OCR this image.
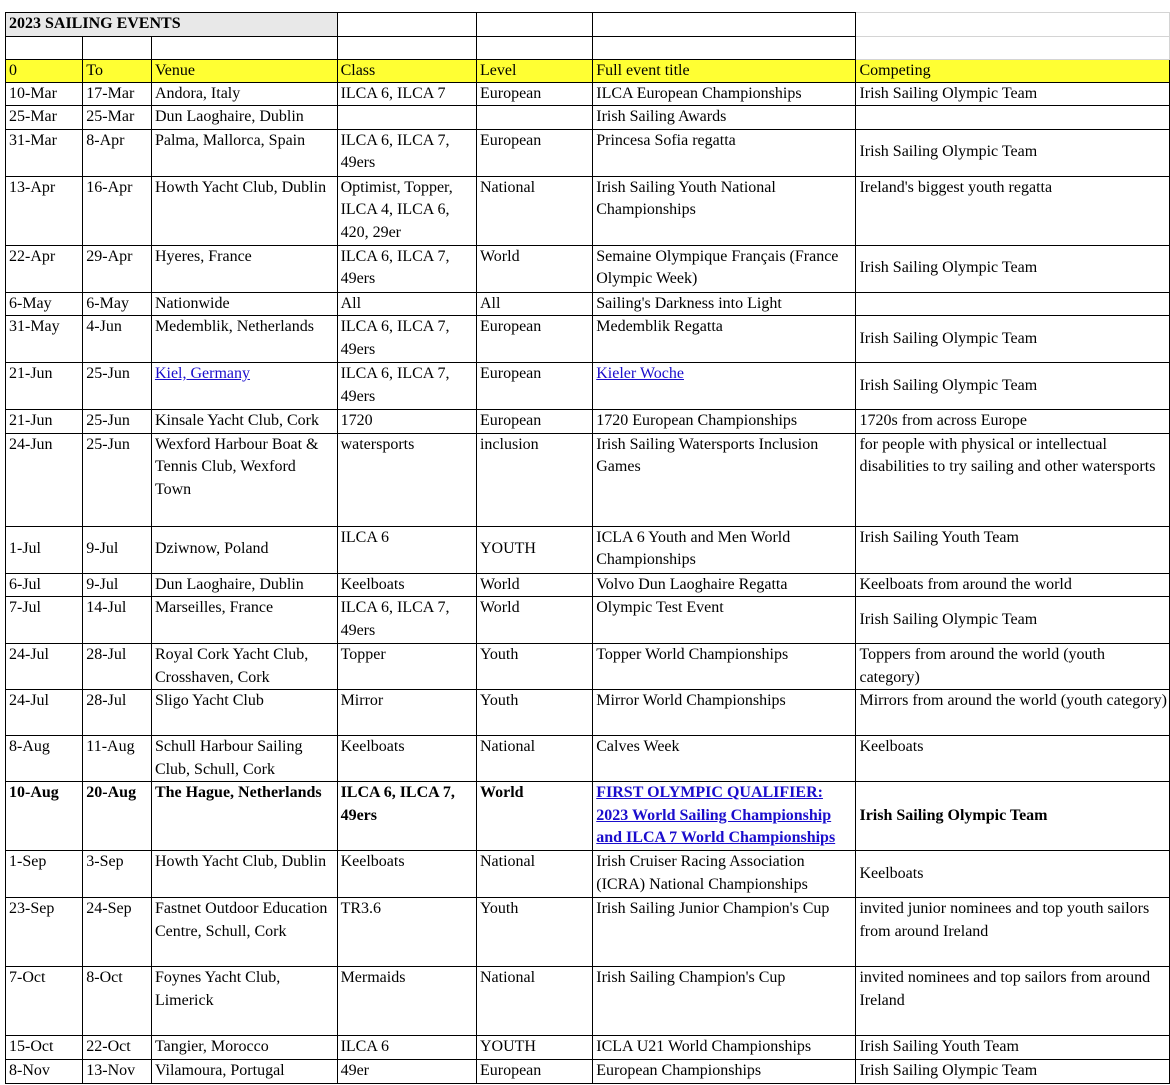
2023 SAILING EVENTS						

0	To	Venue	Class	Level	Full event title	Competing
10-Mar	17-Mar	Andora, Italy	ILCA 6, ILCA 7	European	ILCA European Championships	Irish Sailing Olympic Team
25-Mar	25-Mar	Dun Laoghaire, Dublin			Irish Sailing Awards	
31-Mar	8-Apr	Palma, Mallorca, Spain	ILCA 6, ILCA 7, 49ers	European	Princesa Sofia regatta	Irish Sailing Olympic Team
13-Apr	16-Apr	Howth Yacht Club, Dublin	Optimist, Topper, ILCA 4, ILCA 6, 420, 29er	National	Irish Sailing Youth National Championships	Ireland's biggest youth regatta
22-Apr	29-Apr	Hyeres, France	ILCA 6, ILCA 7, 49ers	World	Semaine Olympique Français (France Olympic Week)	Irish Sailing Olympic Team
6-May	6-May	Nationwide	All	All	Sailing's Darkness into Light	
31-May	4-Jun	Medemblik, Netherlands	ILCA 6, ILCA 7, 49ers	European	Medemblik Regatta	Irish Sailing Olympic Team
21-Jun	25-Jun	Kiel, Germany	ILCA 6, ILCA 7, 49ers	European	Kieler Woche	Irish Sailing Olympic Team
21-Jun	25-Jun	Kinsale Yacht Club, Cork	1720	European	1720 European Championships	1720s from across Europe
24-Jun	25-Jun	Wexford Harbour Boat & Tennis Club, Wexford Town	watersports	inclusion	Irish Sailing Watersports Inclusion Games	for people with physical or intellectual disabilities to try sailing and other watersports
1-Jul	9-Jul	Dziwnow, Poland	ILCA 6	YOUTH	ICLA 6 Youth and Men World Championships	Irish Sailing Youth Team
6-Jul	9-Jul	Dun Laoghaire, Dublin	Keelboats	World	Volvo Dun Laoghaire Regatta	Keelboats from around the world
7-Jul	14-Jul	Marseilles, France	ILCA 6, ILCA 7, 49ers	World	Olympic Test Event	Irish Sailing Olympic Team
24-Jul	28-Jul	Royal Cork Yacht Club, Crosshaven, Cork	Topper	Youth	Topper World Championships	Toppers from around the world (youth category)
24-Jul	28-Jul	Sligo Yacht Club	Mirror	Youth	Mirror World Championships	Mirrors from around the world (youth category)
8-Aug	11-Aug	Schull Harbour Sailing Club, Schull, Cork	Keelboats	National	Calves Week	Keelboats
10-Aug	20-Aug	The Hague, Netherlands	ILCA 6, ILCA 7, 49ers	World	FIRST OLYMPIC QUALIFIER: 2023 World Sailing Championship and ILCA 7 World Championships	Irish Sailing Olympic Team
1-Sep	3-Sep	Howth Yacht Club, Dublin	Keelboats	National	Irish Cruiser Racing Association (ICRA) National Championships	Keelboats
23-Sep	24-Sep	Fastnet Outdoor Education Centre, Schull, Cork	TR3.6	Youth	Irish Sailing Junior Champion's Cup	invited junior nominees and top youth sailors from around Ireland
7-Oct	8-Oct	Foynes Yacht Club, Limerick	Mermaids	National	Irish Sailing Champion's Cup	invited nominees and top sailors from around Ireland
15-Oct	22-Oct	Tangier, Morocco	ILCA 6	YOUTH	ICLA U21 World Championships	Irish Sailing Youth Team
8-Nov	13-Nov	Vilamoura, Portugal	49er	European	European Championships	Irish Sailing Olympic Team
